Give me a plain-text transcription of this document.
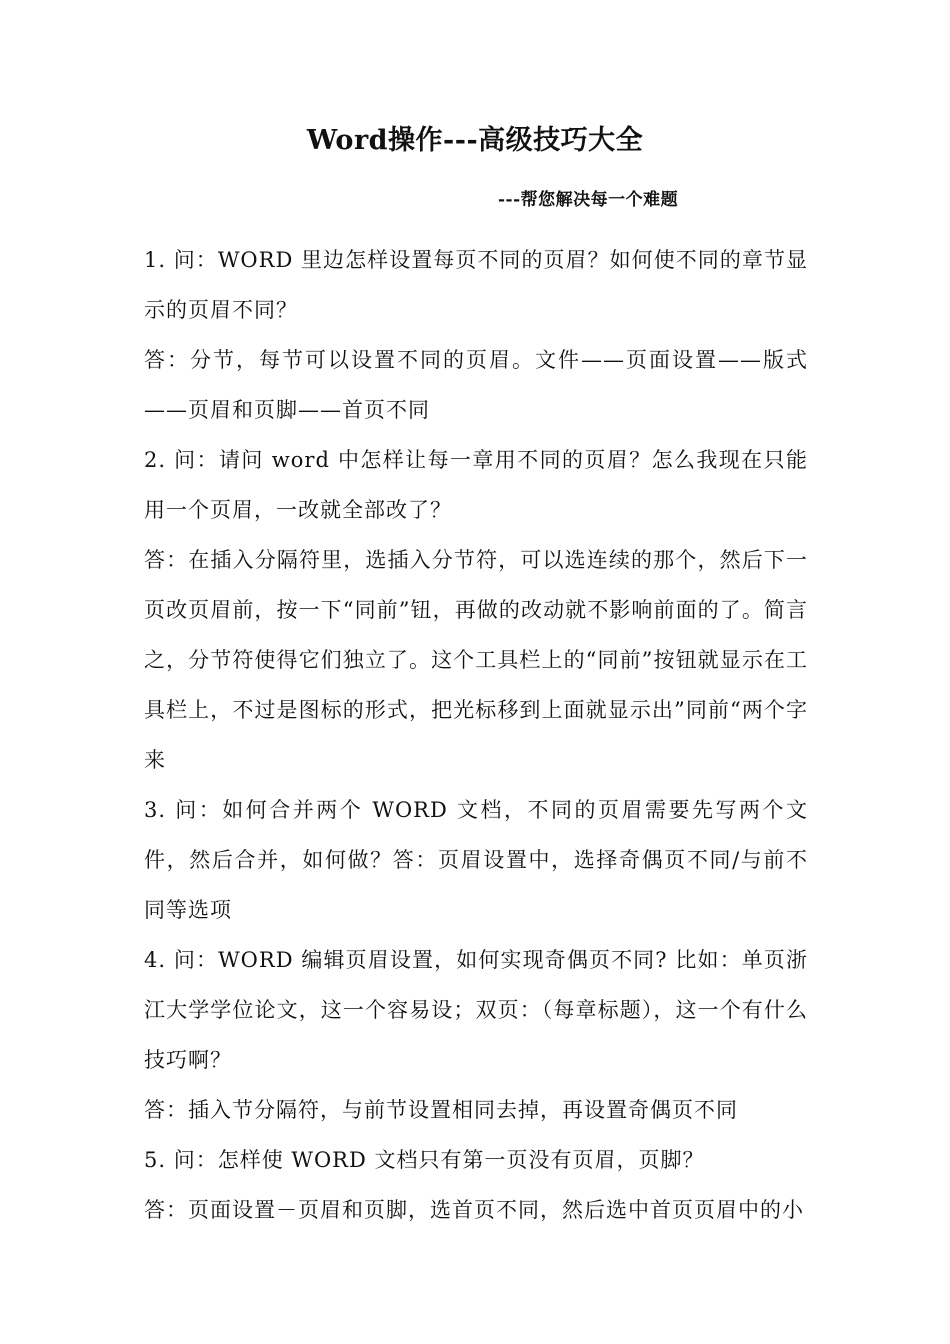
Word操作---高级技巧大全
---帮您解决每一个难题

1. 问：WORD 里边怎样设置每页不同的页眉？如何使不同的章节显示的页眉不同？

答：分节，每节可以设置不同的页眉。文件——页面设置——版式——页眉和页脚——首页不同

2. 问：请问 word 中怎样让每一章用不同的页眉？怎么我现在只能用一个页眉，一改就全部改了？

答：在插入分隔符里，选插入分节符，可以选连续的那个，然后下一页改页眉前，按一下“同前”钮，再做的改动就不影响前面的了。简言之，分节符使得它们独立了。这个工具栏上的“同前”按钮就显示在工具栏上，不过是图标的形式，把光标移到上面就显示出”同前“两个字来

3. 问：如何合并两个 WORD 文档，不同的页眉需要先写两个文件，然后合并，如何做？答：页眉设置中，选择奇偶页不同/与前不同等选项

4. 问：WORD 编辑页眉设置，如何实现奇偶页不同? 比如：单页浙江大学学位论文，这一个容易设；双页：（每章标题），这一个有什么技巧啊？

答：插入节分隔符，与前节设置相同去掉，再设置奇偶页不同

5. 问：怎样使 WORD 文档只有第一页没有页眉，页脚？

答：页面设置－页眉和页脚，选首页不同，然后选中首页页眉中的小
